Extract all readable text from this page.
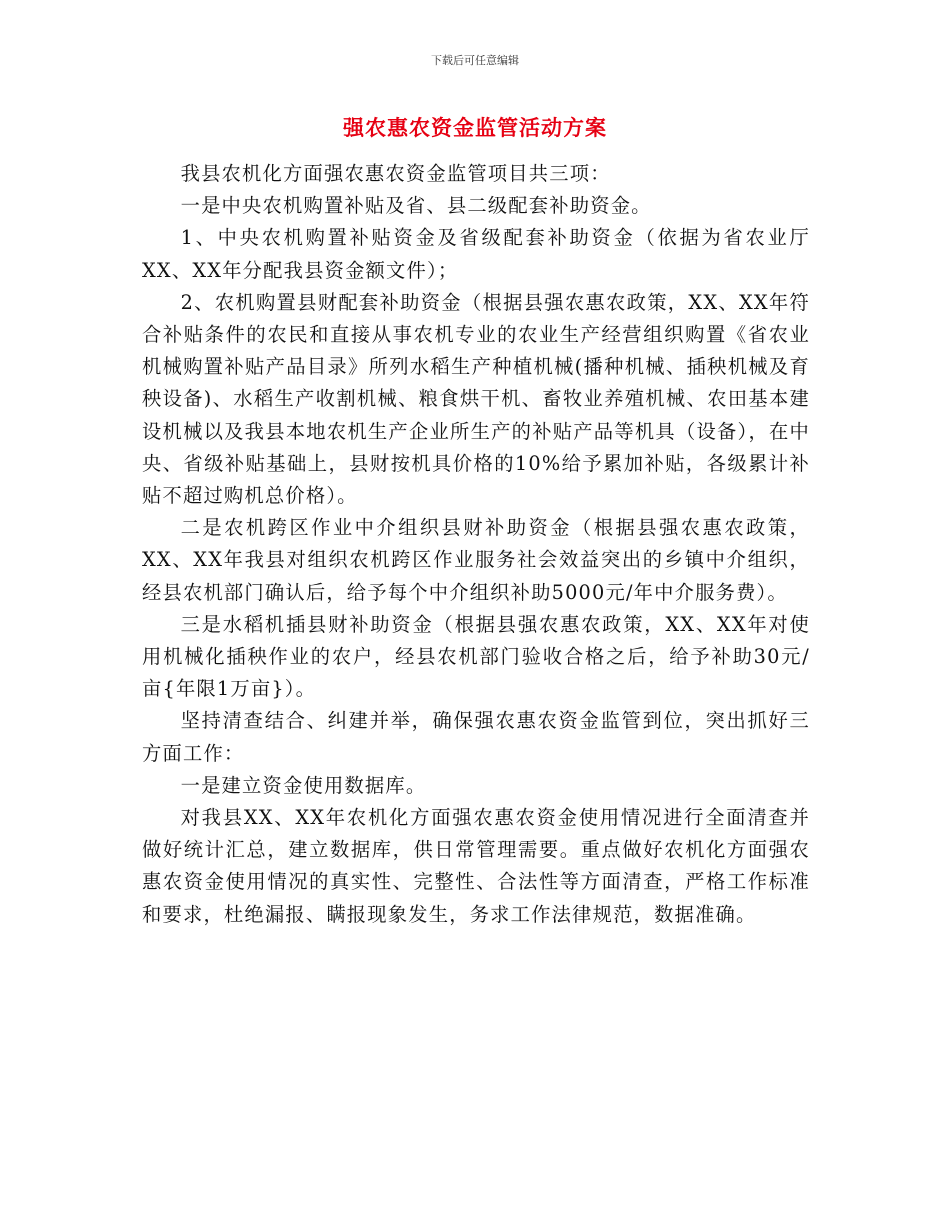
下载后可任意编辑
强农惠农资金监管活动方案

我县农机化方面强农惠农资金监管项目共三项：

一是中央农机购置补贴及省、县二级配套补助资金。

1、中央农机购置补贴资金及省级配套补助资金（依据为省农业厅XX、XX年分配我县资金额文件）；

2、农机购置县财配套补助资金（根据县强农惠农政策，XX、XX年符合补贴条件的农民和直接从事农机专业的农业生产经营组织购置《省农业机械购置补贴产品目录》所列水稻生产种植机械(播种机械、插秧机械及育秧设备)、水稻生产收割机械、粮食烘干机、畜牧业养殖机械、农田基本建设机械以及我县本地农机生产企业所生产的补贴产品等机具（设备），在中央、省级补贴基础上，县财按机具价格的10%给予累加补贴，各级累计补贴不超过购机总价格）。

二是农机跨区作业中介组织县财补助资金（根据县强农惠农政策，XX、XX年我县对组织农机跨区作业服务社会效益突出的乡镇中介组织，经县农机部门确认后，给予每个中介组织补助5000元/年中介服务费）。

三是水稻机插县财补助资金（根据县强农惠农政策，XX、XX年对使用机械化插秧作业的农户，经县农机部门验收合格之后，给予补助30元/亩{年限1万亩}）。

坚持清查结合、纠建并举，确保强农惠农资金监管到位，突出抓好三方面工作：

一是建立资金使用数据库。

对我县XX、XX年农机化方面强农惠农资金使用情况进行全面清查并做好统计汇总，建立数据库，供日常管理需要。重点做好农机化方面强农惠农资金使用情况的真实性、完整性、合法性等方面清查，严格工作标准和要求，杜绝漏报、瞒报现象发生，务求工作法律规范，数据准确。
